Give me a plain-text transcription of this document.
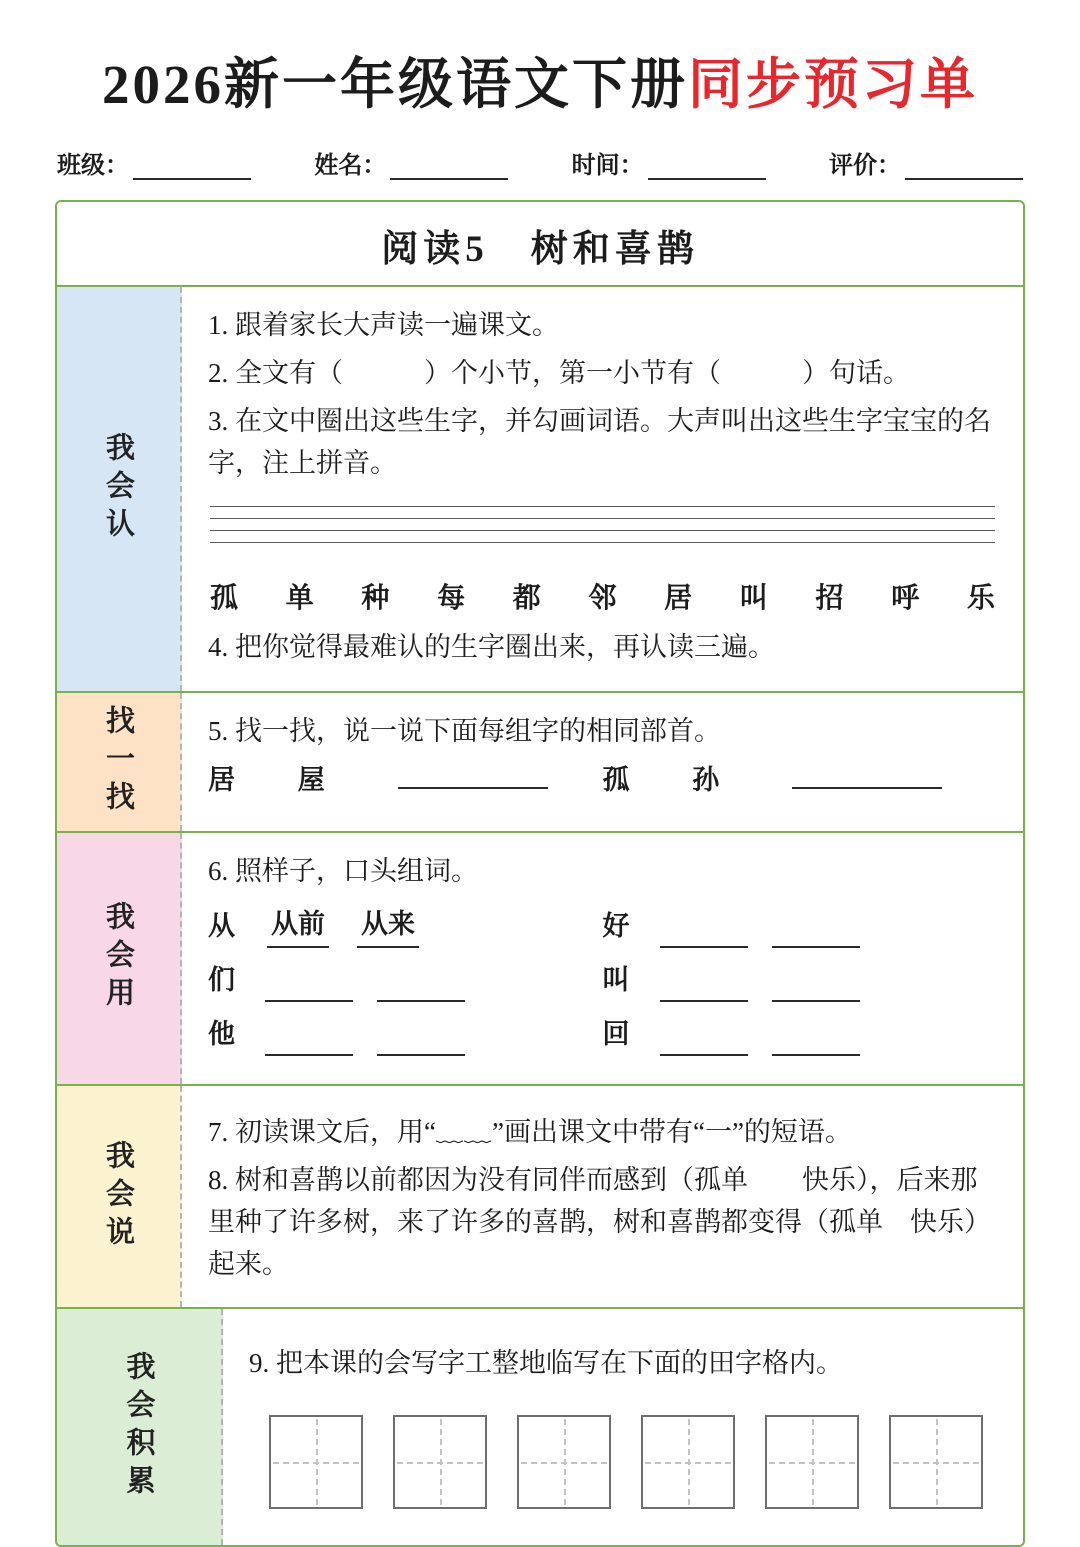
2026新一年级语文下册同步预习单
班级：	姓名：	时间：	评价：
阅读5　树和喜鹊
我会认

1. 跟着家长大声读一遍课文。

2. 全文有（　　　）个小节，第一小节有（　　　）句话。

3. 在文中圈出这些生字，并勾画词语。大声叫出这些生字宝宝的名字，注上拼音。

孤 单 种 每 都 邻 居 叫 招 呼 乐

4. 把你觉得最难认的生字圈出来，再认读三遍。

找一找	5. 找一找，说一说下面每组字的相同部首。

居 屋	孤 孙
我会用

6. 照样子，口头组词。

从 从前 从来	好
们	叫
他	回
我会说

7. 初读课文后，用“﹏﹏”画出课文中带有“一”的短语。

8. 树和喜鹊以前都因为没有同伴而感到（孤单　　快乐），后来那里种了许多树，来了许多的喜鹊，树和喜鹊都变得（孤单　快乐）起来。

我会积累	9. 把本课的会写字工整地临写在下面的田字格内。
